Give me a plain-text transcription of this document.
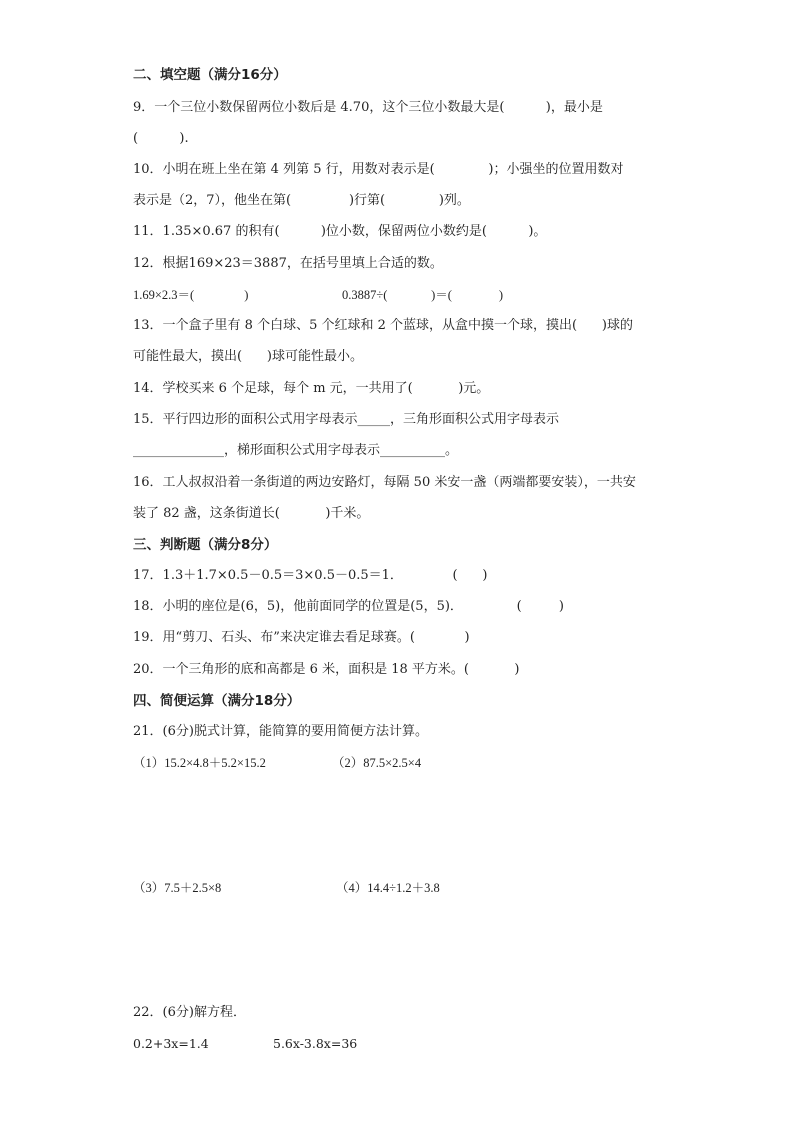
二、填空题（满分16分）
9．一个三位小数保留两位小数后是 4.70，这个三位小数最大是(          )，最小是
(          ).
10．小明在班上坐在第 4 列第 5 行，用数对表示是(             )；小强坐的位置用数对
表示是（2，7），他坐在第(              )行第(             )列。
11．1.35×0.67 的积有(          )位小数，保留两位小数约是(          )。
12．根据169×23＝3887，在括号里填上合适的数。
1.69×2.3＝(                )	0.3887÷(              )＝(               )
13．一个盒子里有 8 个白球、5 个红球和 2 个蓝球，从盒中摸一个球，摸出(      )球的
可能性最大，摸出(      )球可能性最小。
14．学校买来 6 个足球，每个 m 元，一共用了(           )元。
15．平行四边形的面积公式用字母表示_____，三角形面积公式用字母表示
______________，梯形面积公式用字母表示__________。
16．工人叔叔沿着一条街道的两边安路灯，每隔 50 米安一盏（两端都要安装），一共安
装了 82 盏，这条街道长(           )千米。
三、判断题（满分8分）
17．1.3＋1.7×0.5－0.5＝3×0.5－0.5＝1．            (      )
18．小明的座位是(6，5)，他前面同学的位置是(5，5)．             (         )
19．用“剪刀、石头、布”来决定谁去看足球赛。(            )
20．一个三角形的底和高都是 6 米，面积是 18 平方米。(           )
四、简便运算（满分18分）
21．(6分)脱式计算，能简算的要用简便方法计算。
（1）15.2×4.8＋5.2×15.2	（2）87.5×2.5×4
（3）7.5＋2.5×8	（4）14.4÷1.2＋3.8
22．(6分)解方程．
0.2+3x=1.4	5.6x-3.8x=36
